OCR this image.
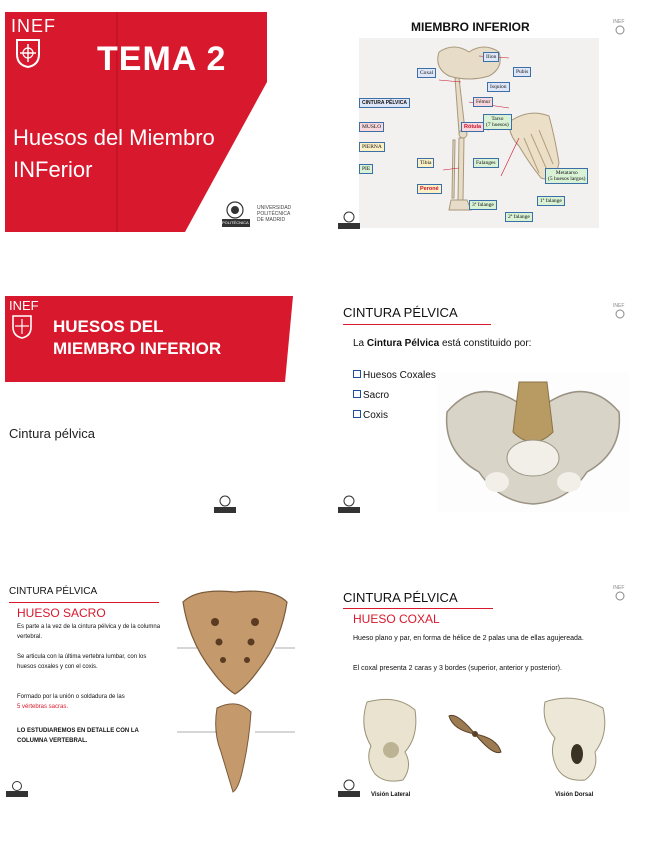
INEF
TEMA 2
Huesos del Miembro
INFerior
POLITÉCNICA
UNIVERSIDAD
POLITÉCNICA
DE MADRID
MIEMBRO INFERIOR	INEF
Ilion
Coxal	Pubis
Isquion
CINTURA PÉLVICA	Fémur
MUSLO	Rótula
Tarso
(7 huesos)
PIERNA
Tibia	Falanges
PIE
Metatarso
(5 huesos largos)
Peroné
3ª falange
1ª falange
2ª falange
INEF
HUESOS DEL
MIEMBRO INFERIOR
Cintura pélvica
CINTURA PÉLVICA	INEF
La Cintura Pélvica está constituido por:
Huesos Coxales
Sacro
Coxis
CINTURA PÉLVICA
HUESO SACRO
Es parte a la vez de la cintura pélvica y de la columna vertebral.
Se articula con la última vertebra lumbar, con los huesos coxales y con el coxis.
Formado por la unión o soldadura de las
5 vértebras sacras.
LO ESTUDIAREMOS EN DETALLE CON LA COLUMNA VERTEBRAL.
CINTURA PÉLVICA
INEF
HUESO COXAL
Hueso plano y par, en forma de hélice de 2 palas una de ellas agujereada.
El coxal presenta 2 caras y 3 bordes (superior, anterior y posterior).
Visión Lateral	Visión Dorsal
